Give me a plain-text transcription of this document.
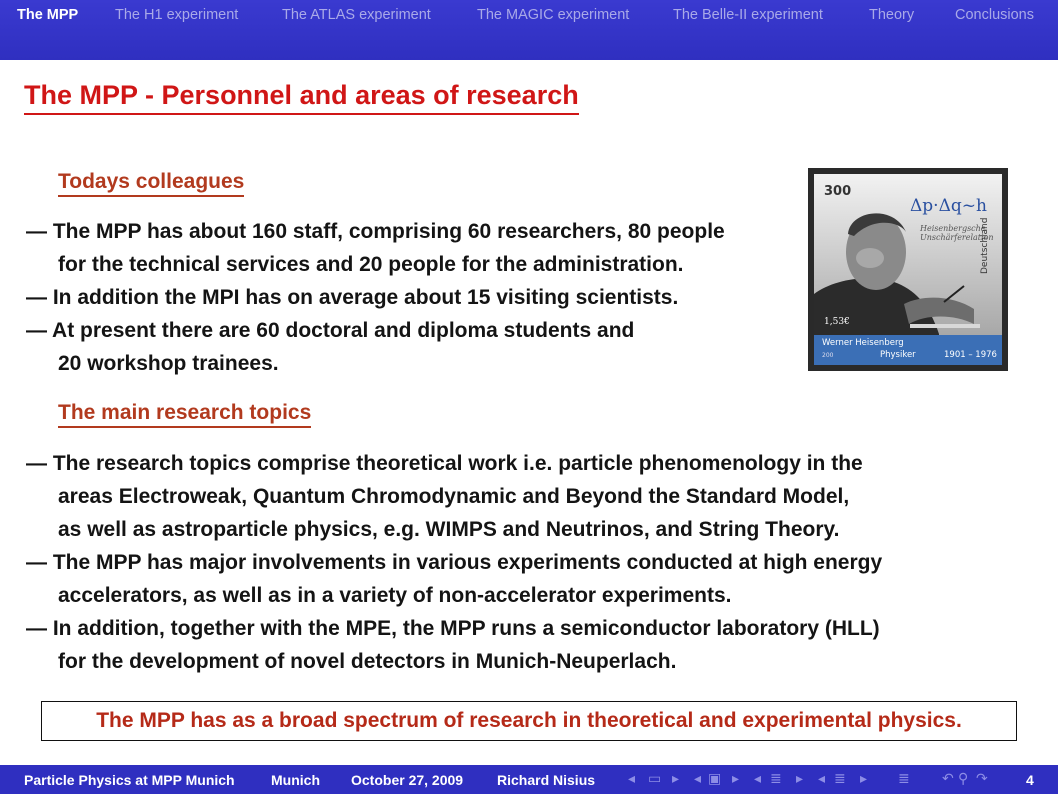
The MPP	The H1 experiment	The ATLAS experiment	The MAGIC experiment	The Belle-II experiment	Theory	Conclusions
The MPP - Personnel and areas of research
Todays colleagues
— The MPP has about 160 staff, comprising 60 researchers, 80 people
for the technical services and 20 people for the administration.
— In addition the MPI has on average about 15 visiting scientists.
— At present there are 60 doctoral and diploma students and
20 workshop trainees.
The main research topics
— The research topics comprise theoretical work i.e. particle phenomenology in the
areas Electroweak, Quantum Chromodynamic and Beyond the Standard Model,
as well as astroparticle physics, e.g. WIMPS and Neutrinos, and String Theory.
— The MPP has major involvements in various experiments conducted at high energy
accelerators, as well as in a variety of non-accelerator experiments.
— In addition, together with the MPE, the MPP runs a semiconductor laboratory (HLL)
for the development of novel detectors in Munich-Neuperlach.
300
Δp·Δq~h
Heisenbergsche
Unschärferelation
Deutschland
1,53€
Werner Heisenberg
200	Physiker	1901 – 1976
The MPP has as a broad spectrum of research in theoretical and experimental physics.
Particle Physics at MPP Munich	Munich October 27, 2009 Richard Nisius ◂ ▭ ▸ ◂ ▣ ▸ ◂ ≣ ▸ ◂ ≣ ▸ ≣ ↶ ⚲ ↷	4
